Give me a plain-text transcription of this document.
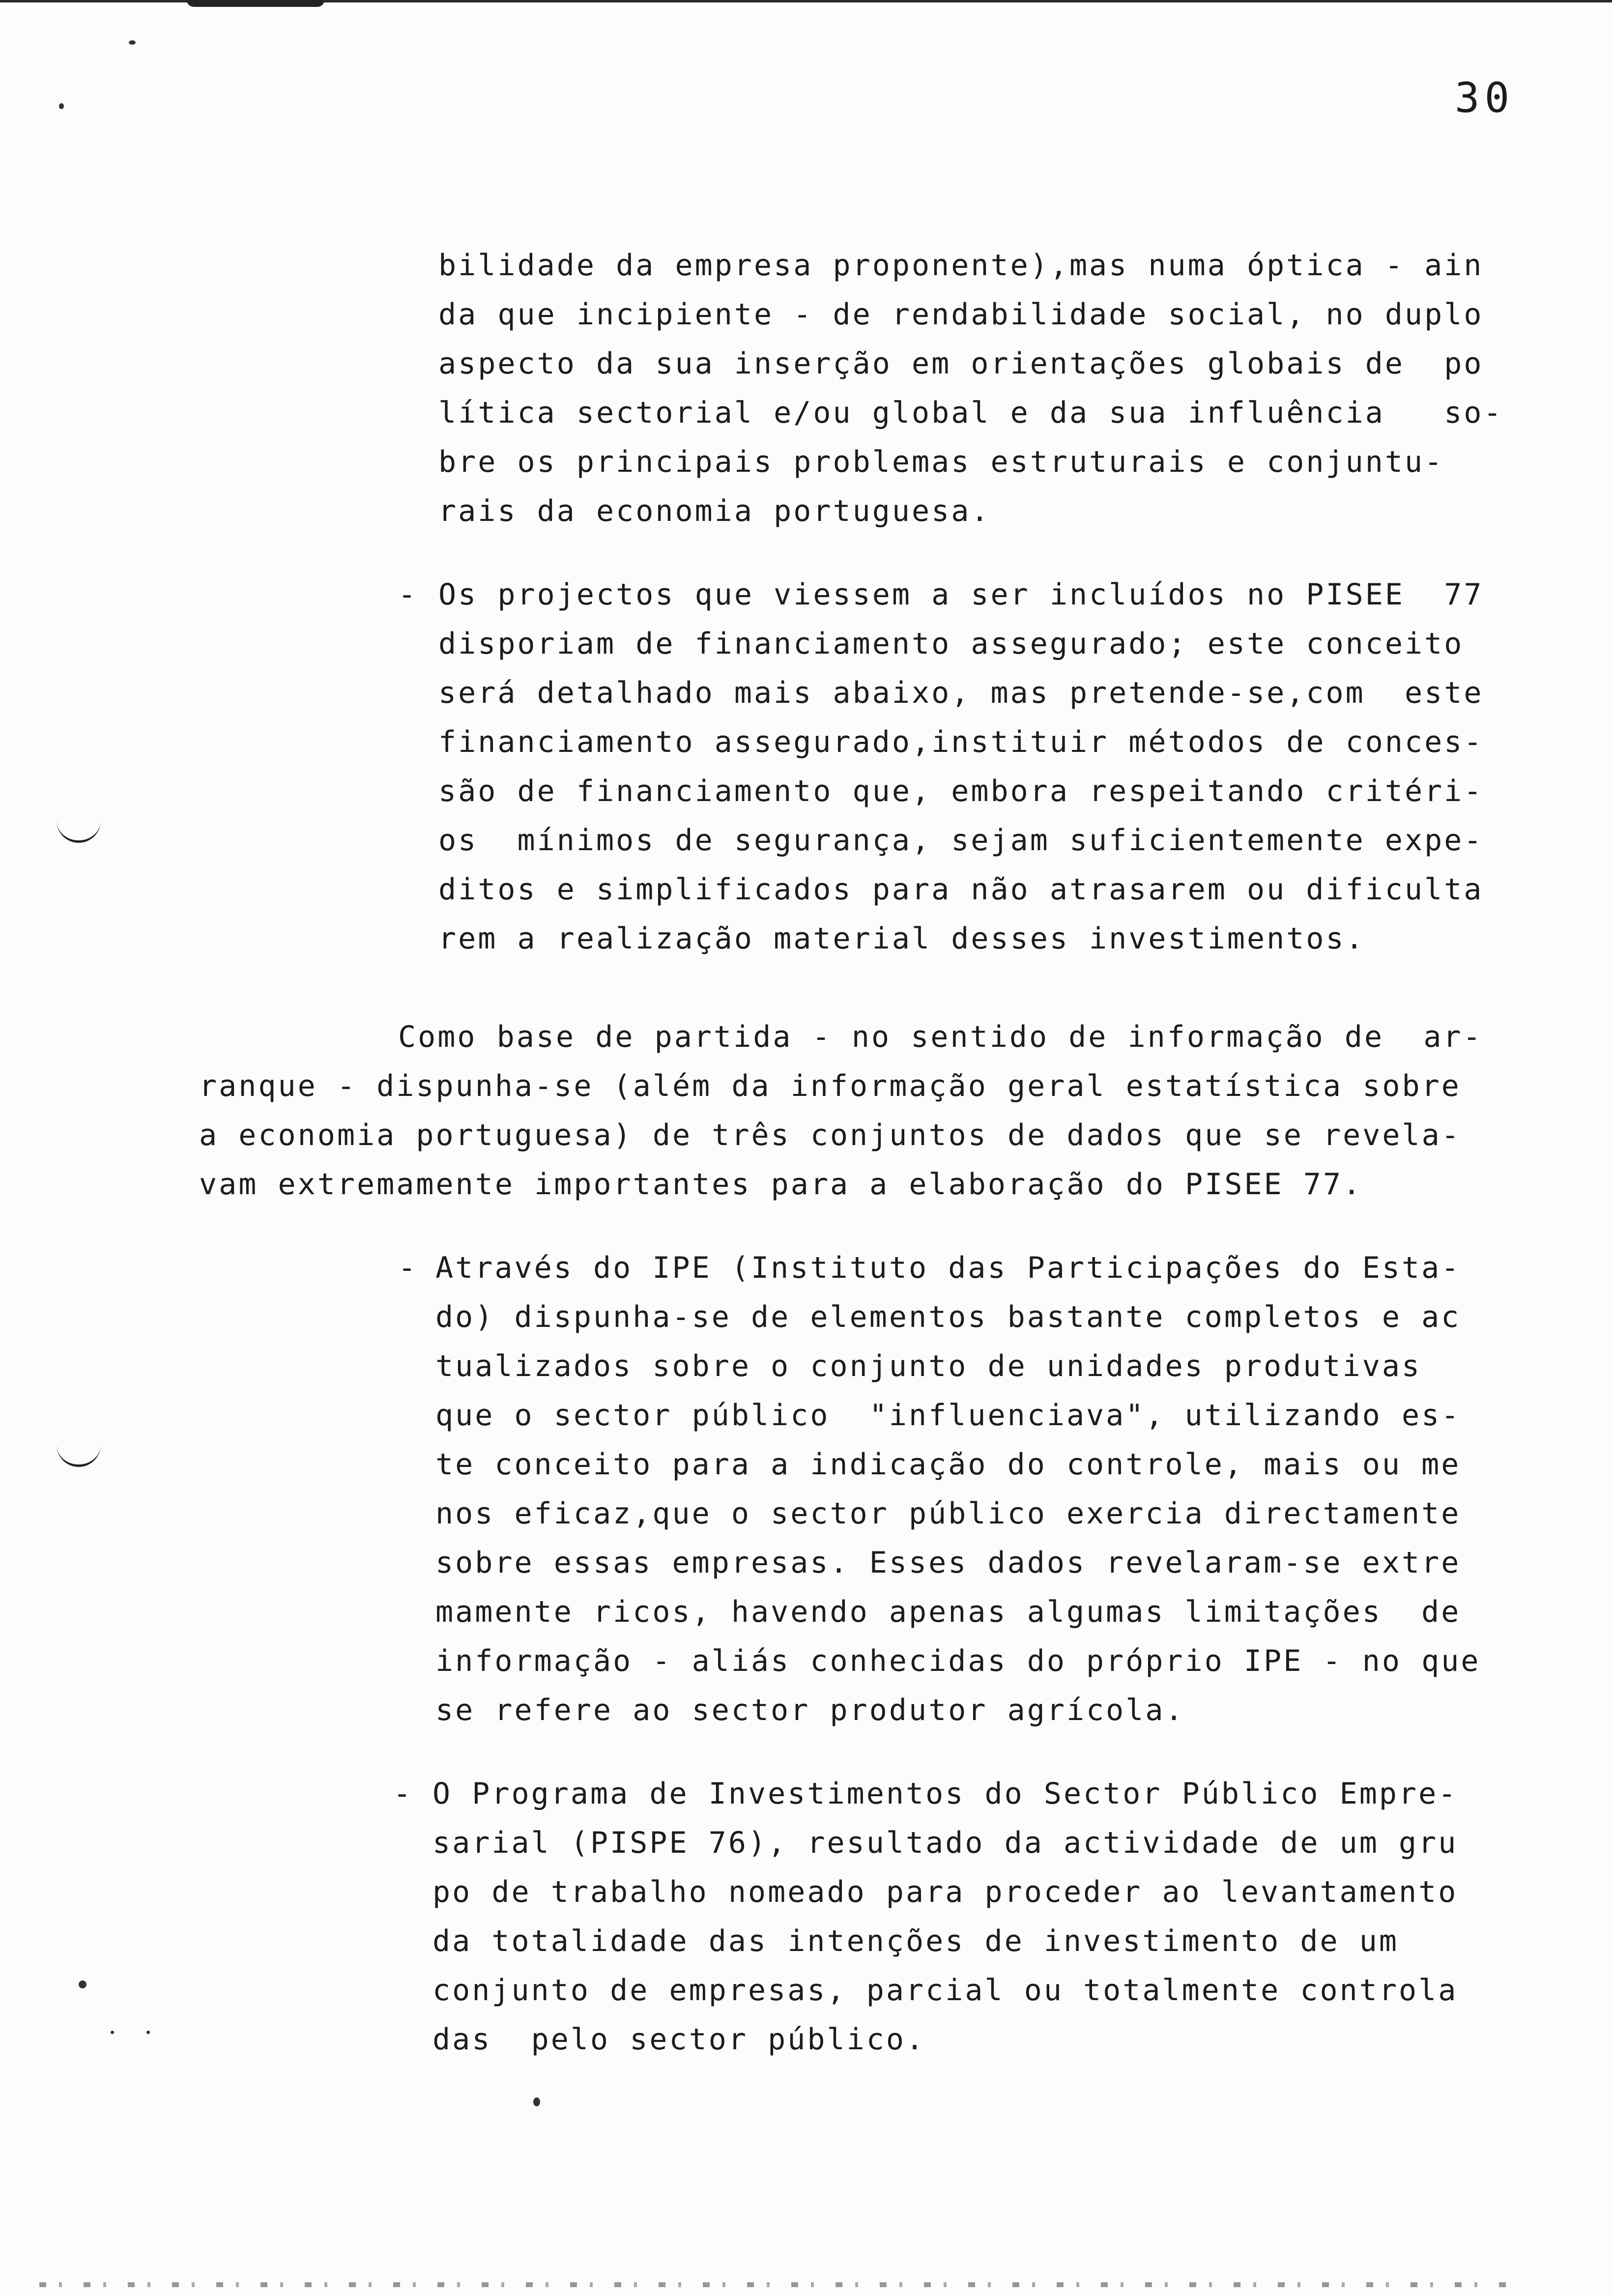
30
bilidade da empresa proponente),mas numa óptica - ain
da que incipiente - de rendabilidade social, no duplo
aspecto da sua inserção em orientações globais de  po
lítica sectorial e/ou global e da sua influência   so-
bre os principais problemas estruturais e conjuntu-
rais da economia portuguesa.
- Os projectos que viessem a ser incluídos no PISEE  77
disporiam de financiamento assegurado; este conceito
será detalhado mais abaixo, mas pretende-se,com  este
financiamento assegurado,instituir métodos de conces-
são de financiamento que, embora respeitando critéri-
os  mínimos de segurança, sejam suficientemente expe-
ditos e simplificados para não atrasarem ou dificulta
rem a realização material desses investimentos.
Como base de partida - no sentido de informação de  ar-
ranque - dispunha-se (além da informação geral estatística sobre
a economia portuguesa) de três conjuntos de dados que se revela-
vam extremamente importantes para a elaboração do PISEE 77.
- Através do IPE (Instituto das Participações do Esta-
do) dispunha-se de elementos bastante completos e ac
tualizados sobre o conjunto de unidades produtivas
que o sector público  "influenciava", utilizando es-
te conceito para a indicação do controle, mais ou me
nos eficaz,que o sector público exercia directamente
sobre essas empresas. Esses dados revelaram-se extre
mamente ricos, havendo apenas algumas limitações  de
informação - aliás conhecidas do próprio IPE - no que
se refere ao sector produtor agrícola.
- O Programa de Investimentos do Sector Público Empre-
sarial (PISPE 76), resultado da actividade de um gru
po de trabalho nomeado para proceder ao levantamento
da totalidade das intenções de investimento de um
conjunto de empresas, parcial ou totalmente controla
das  pelo sector público.
